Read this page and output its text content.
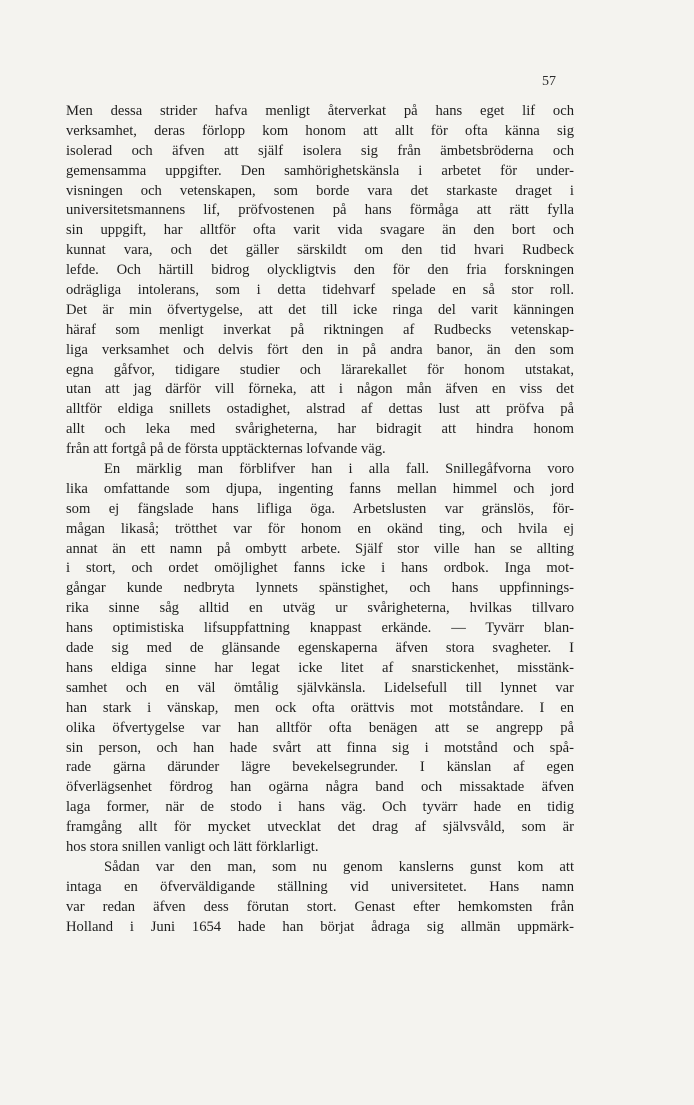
57
Men dessa strider hafva menligt återverkat på hans eget lif och
verksamhet, deras förlopp kom honom att allt för ofta känna sig
isolerad och äfven att själf isolera sig från ämbetsbröderna och
gemensamma uppgifter. Den samhörighetskänsla i arbetet för under-
visningen och vetenskapen, som borde vara det starkaste draget i
universitetsmannens lif, pröfvostenen på hans förmåga att rätt fylla
sin uppgift, har alltför ofta varit vida svagare än den bort och
kunnat vara, och det gäller särskildt om den tid hvari Rudbeck
lefde. Och härtill bidrog olyckligtvis den för den fria forskningen
odrägliga intolerans, som i detta tidehvarf spelade en så stor roll.
Det är min öfvertygelse, att det till icke ringa del varit känningen
häraf som menligt inverkat på riktningen af Rudbecks vetenskap-
liga verksamhet och delvis fört den in på andra banor, än den som
egna gåfvor, tidigare studier och lärarekallet för honom utstakat,
utan att jag därför vill förneka, att i någon mån äfven en viss det
alltför eldiga snillets ostadighet, alstrad af dettas lust att pröfva på
allt och leka med svårigheterna, har bidragit att hindra honom
från att fortgå på de första upptäckternas lofvande väg.
En märklig man förblifver han i alla fall. Snillegåfvorna voro
lika omfattande som djupa, ingenting fanns mellan himmel och jord
som ej fängslade hans lifliga öga. Arbetslusten var gränslös, för-
mågan likaså; trötthet var för honom en okänd ting, och hvila ej
annat än ett namn på ombytt arbete. Själf stor ville han se allting
i stort, och ordet omöjlighet fanns icke i hans ordbok. Inga mot-
gångar kunde nedbryta lynnets spänstighet, och hans uppfinnings-
rika sinne såg alltid en utväg ur svårigheterna, hvilkas tillvaro
hans optimistiska lifsuppfattning knappast erkände. — Tyvärr blan-
dade sig med de glänsande egenskaperna äfven stora svagheter. I
hans eldiga sinne har legat icke litet af snarstickenhet, misstänk-
samhet och en väl ömtålig självkänsla. Lidelsefull till lynnet var
han stark i vänskap, men ock ofta orättvis mot motståndare. I en
olika öfvertygelse var han alltför ofta benägen att se angrepp på
sin person, och han hade svårt att finna sig i motstånd och spå-
rade gärna därunder lägre bevekelsegrunder. I känslan af egen
öfverlägsenhet fördrog han ogärna några band och missaktade äfven
laga former, när de stodo i hans väg. Och tyvärr hade en tidig
framgång allt för mycket utvecklat det drag af självsvåld, som är
hos stora snillen vanligt och lätt förklarligt.
Sådan var den man, som nu genom kanslerns gunst kom att
intaga en öfverväldigande ställning vid universitetet. Hans namn
var redan äfven dess förutan stort. Genast efter hemkomsten från
Holland i Juni 1654 hade han börjat ådraga sig allmän uppmärk-
